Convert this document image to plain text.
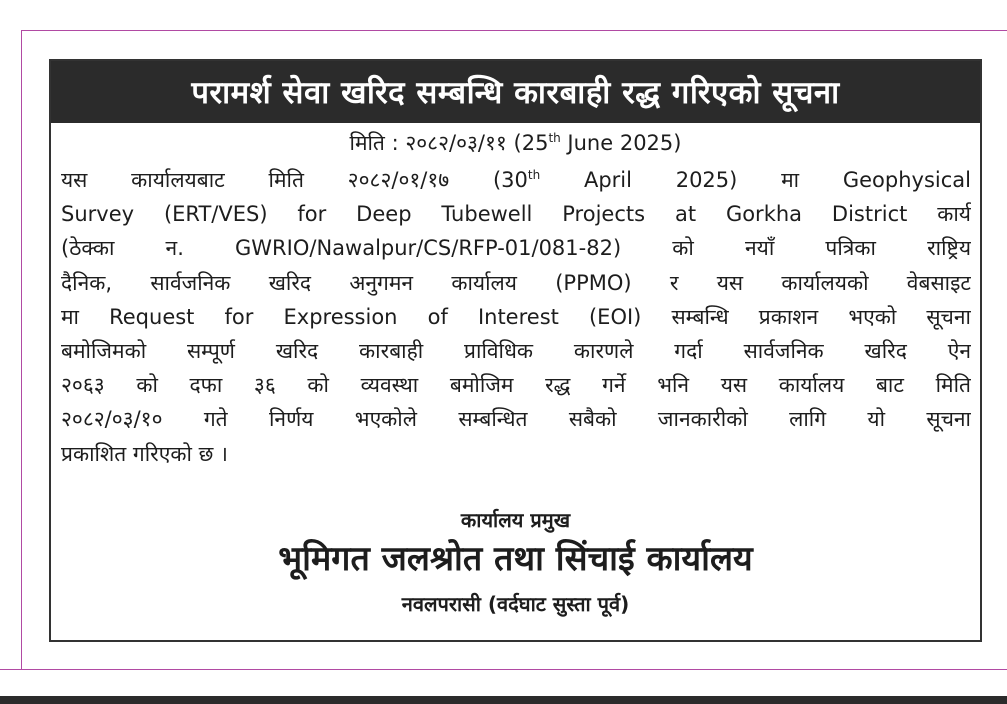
परामर्श सेवा खरिद सम्बन्धि कारबाही रद्ध गरिएको सूचना
मिति : २०८२/०३/११ (25th June 2025)
यस कार्यालयबाट मिति २०८२/०१/१७ (30th April 2025) मा Geophysical
Survey (ERT/VES) for Deep Tubewell Projects at Gorkha District कार्य
(ठेक्का न. GWRIO/Nawalpur/CS/RFP-01/081-82) को नयाँ पत्रिका राष्ट्रिय
दैनिक, सार्वजनिक खरिद अनुगमन कार्यालय (PPMO) र यस कार्यालयको वेबसाइट
मा Request for Expression of Interest (EOI) सम्बन्धि प्रकाशन भएको सूचना
बमोजिमको सम्पूर्ण खरिद कारबाही प्राविधिक कारणले गर्दा सार्वजनिक खरिद ऐन
२०६३ को दफा ३६ को व्यवस्था बमोजिम रद्ध गर्ने भनि यस कार्यालय बाट मिति
२०८२/०३/१० गते निर्णय भएकोले सम्बन्धित सबैको जानकारीको लागि यो सूचना
प्रकाशित गरिएको छ ।
कार्यालय प्रमुख
भूमिगत जलश्रोत तथा सिंचाई कार्यालय
नवलपरासी (वर्दघाट सुस्ता पूर्व)
